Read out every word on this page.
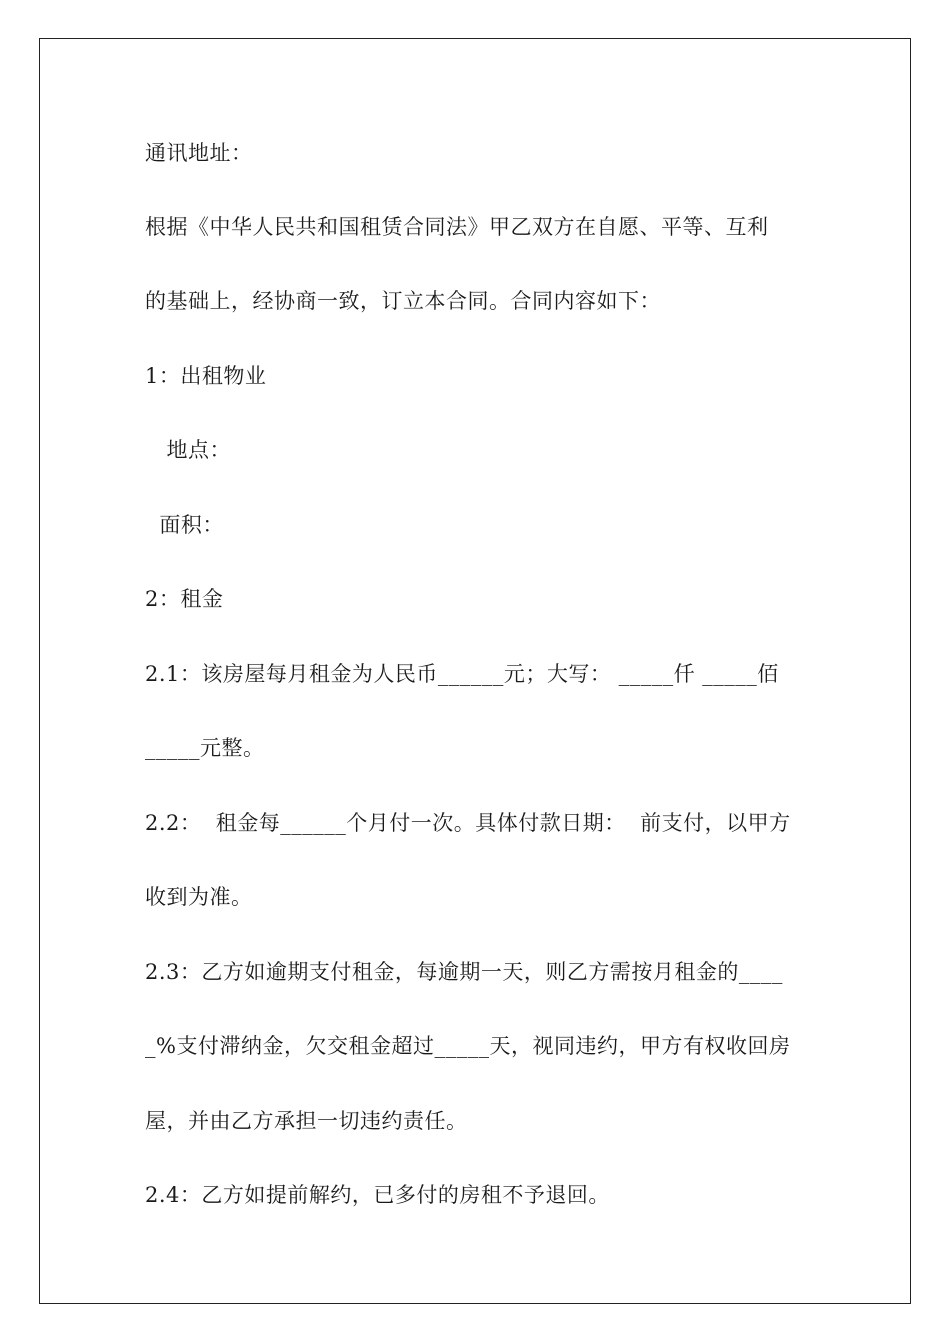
通讯地址：
根据《中华人民共和国租赁合同法》甲乙双方在自愿、平等、互利
的基础上，经协商一致，订立本合同。合同内容如下：
1：出租物业
地点：
面积：
2：租金
2.1：该房屋每月租金为人民币______元；大写： _____仟 _____佰
_____元整。
2.2：  租金每______个月付一次。具体付款日期：  前支付，以甲方
收到为准。
2.3：乙方如逾期支付租金，每逾期一天，则乙方需按月租金的____
_%支付滞纳金，欠交租金超过_____天，视同违约，甲方有权收回房
屋，并由乙方承担一切违约责任。
2.4：乙方如提前解约，已多付的房租不予退回。
